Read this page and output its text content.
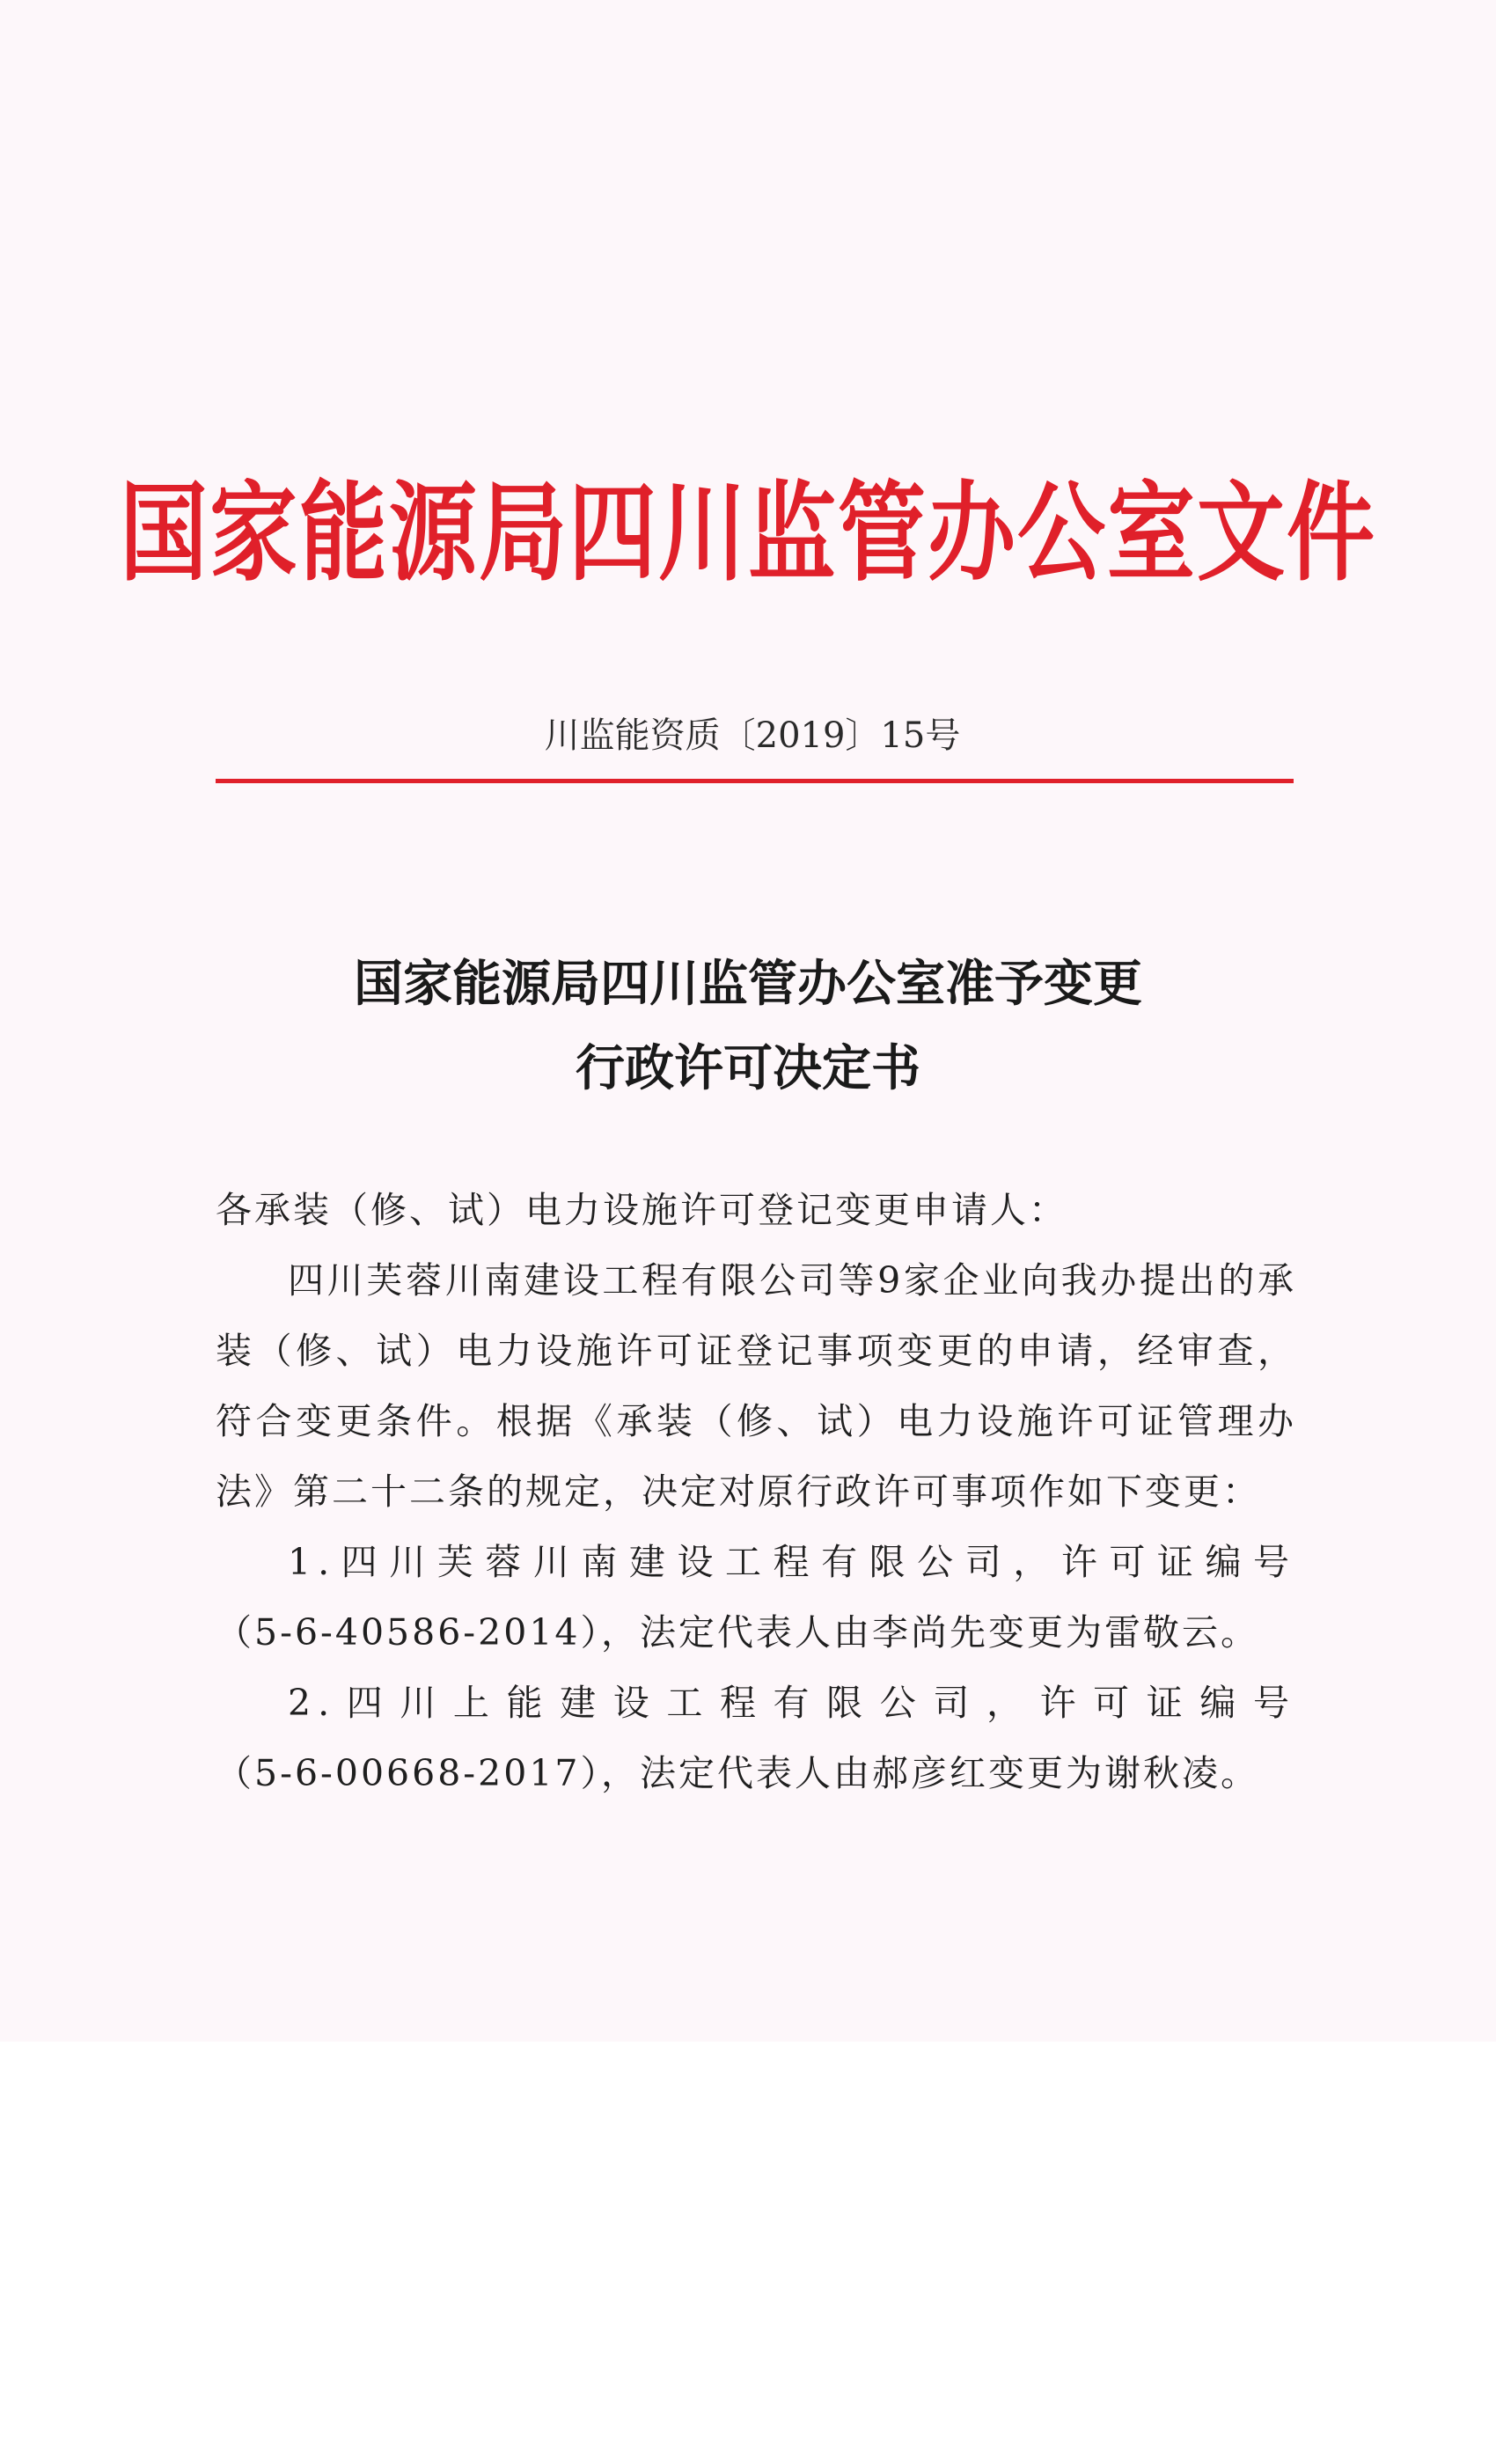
国家能源局四川监管办公室文件
川监能资质〔2019〕15号
国家能源局四川监管办公室准予变更
行政许可决定书

各承装（修、试）电力设施许可登记变更申请人：

四川芙蓉川南建设工程有限公司等9家企业向我办提出的承装（修、试）电力设施许可证登记事项变更的申请，经审查，符合变更条件。根据《承装（修、试）电力设施许可证管理办法》第二十二条的规定，决定对原行政许可事项作如下变更：

1.四川芙蓉川南建设工程有限公司，许可证编号

（5-6-40586-2014），法定代表人由李尚先变更为雷敬云。

2.四川上能建设工程有限公司，许可证编号

（5-6-00668-2017），法定代表人由郝彦红变更为谢秋凌。
